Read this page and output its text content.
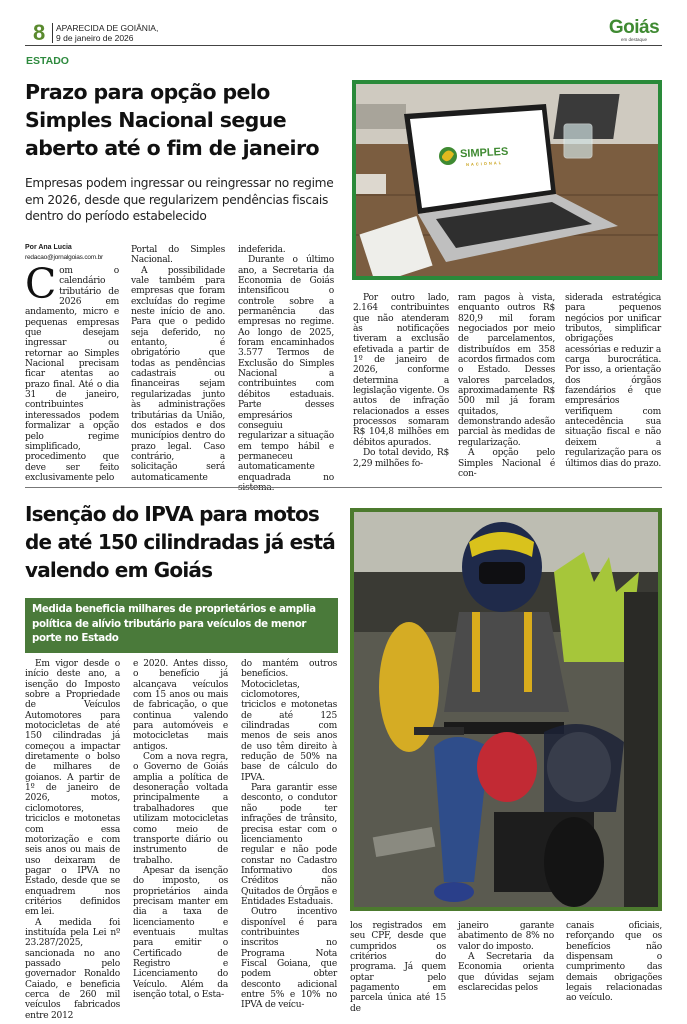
8 APARECIDA DE GOIÂNIA,
9 de janeiro de 2026	Goiás
em destaque
ESTADO
Prazo para opção pelo Simples Nacional segue aberto até o fim de janeiro
Empresas podem ingressar ou reingressar no regime em 2026, desde que regularizem pendências fiscais dentro do período estabelecido
SIMPLES
NACIONAL
Por Ana Lucia
redacao@jornalgoias.com.br
C om o calendário tributário de 2026 em andamento, micro e pequenas empresas que desejam ingressar ou retornar ao Simples Nacional precisam ficar atentas ao prazo final. Até o dia 31 de janeiro, contribuintes interessados podem formalizar a opção pelo regime simplificado, procedimento que deve ser feito exclusivamente pelo

Portal do Simples Nacional.

A possibilidade vale também para empresas que foram excluídas do regime neste início de ano. Para que o pedido seja deferido, no entanto, é obrigatório que todas as pendências cadastrais ou financeiras sejam regularizadas junto às administrações tributárias da União, dos estados e dos municípios dentro do prazo legal. Caso contrário, a solicitação será automaticamente

indeferida.

Durante o último ano, a Secretaria da Economia de Goiás intensificou o controle sobre a permanência das empresas no regime. Ao longo de 2025, foram encaminhados 3.577 Termos de Exclusão do Simples Nacional a contribuintes com débitos estaduais. Parte desses empresários conseguiu regularizar a situação em tempo hábil e permaneceu automaticamente enquadrada no

Por outro lado, 2.164 contribuintes que não atenderam às notificações tiveram a exclusão efetivada a partir de 1º de janeiro de 2026, conforme determina a legislação vigente. Os autos de infração relacionados a esses processos somaram R$ 104,8 milhões em débitos apurados.

Do total devido, R$ 2,29 milhões fo-

ram pagos à vista, enquanto outros R$ 820,9 mil foram negociados por meio de parcelamentos, distribuídos em 358 acordos firmados com o Estado. Desses valores parcelados, aproximadamente R$ 500 mil já foram quitados, demonstrando adesão parcial às medidas de regularização.

A opção pelo Simples Nacional é con-

siderada estratégica para pequenos negócios por unificar tributos, simplificar obrigações acessórias e reduzir a carga burocrática. Por isso, a orientação dos órgãos fazendários é que empresários verifiquem com antecedência sua situação fiscal e não deixem a regularização para os últimos dias do prazo.

Isenção do IPVA para motos de até 150 cilindradas já está valendo em Goiás
Medida beneficia milhares de proprietários e amplia política de alívio tributário para veículos de menor porte no Estado

Em vigor desde o início deste ano, a isenção do Imposto sobre a Propriedade de Veículos Automotores para motocicletas de até 150 cilindradas já começou a impactar diretamente o bolso de milhares de goianos. A partir de 1º de janeiro de 2026, motos, ciclomotores, triciclos e motonetas com essa motorização e com seis anos ou mais de uso deixaram de pagar o IPVA no Estado, desde que se enquadrem nos critérios definidos em lei.

A medida foi instituída pela Lei nº 23.287/2025, sancionada no ano passado pelo governador Ronaldo Caiado, e beneficia cerca de 260 mil veículos fabricados entre 2012

e 2020. Antes disso, o benefício já alcançava veículos com 15 anos ou mais de fabricação, o que continua valendo para automóveis e motocicletas mais antigos.

Com a nova regra, o Governo de Goiás amplia a política de desoneração voltada principalmente a trabalhadores que utilizam motocicletas como meio de transporte diário ou instrumento de trabalho.

Apesar da isenção do imposto, os proprietários ainda precisam manter em dia a taxa de licenciamento e eventuais multas para emitir o Certificado de Registro e Licenciamento do Veículo. Além da isenção total, o Esta-

do mantém outros benefícios. Motocicletas, ciclomotores, triciclos e motonetas de até 125 cilindradas com menos de seis anos de uso têm direito à redução de 50% na base de cálculo do IPVA.

Para garantir esse desconto, o condutor não pode ter infrações de trânsito, precisa estar com o licenciamento regular e não pode constar no Cadastro Informativo dos Créditos não Quitados de Órgãos e Entidades Estaduais.

Outro incentivo disponível é para contribuintes inscritos no Programa Nota Fiscal Goiana, que podem obter desconto adicional entre 5% e 10% no IPVA de veícu-

los registrados em seu CPF, desde que cumpridos os critérios do programa. Já quem optar pelo pagamento em parcela única até 15 de

janeiro garante abatimento de 8% no valor do imposto.

A Secretaria da Economia orienta que dúvidas sejam esclarecidas pelos

canais oficiais, reforçando que os benefícios não dispensam o cumprimento das demais obrigações legais relacionadas ao veículo.
